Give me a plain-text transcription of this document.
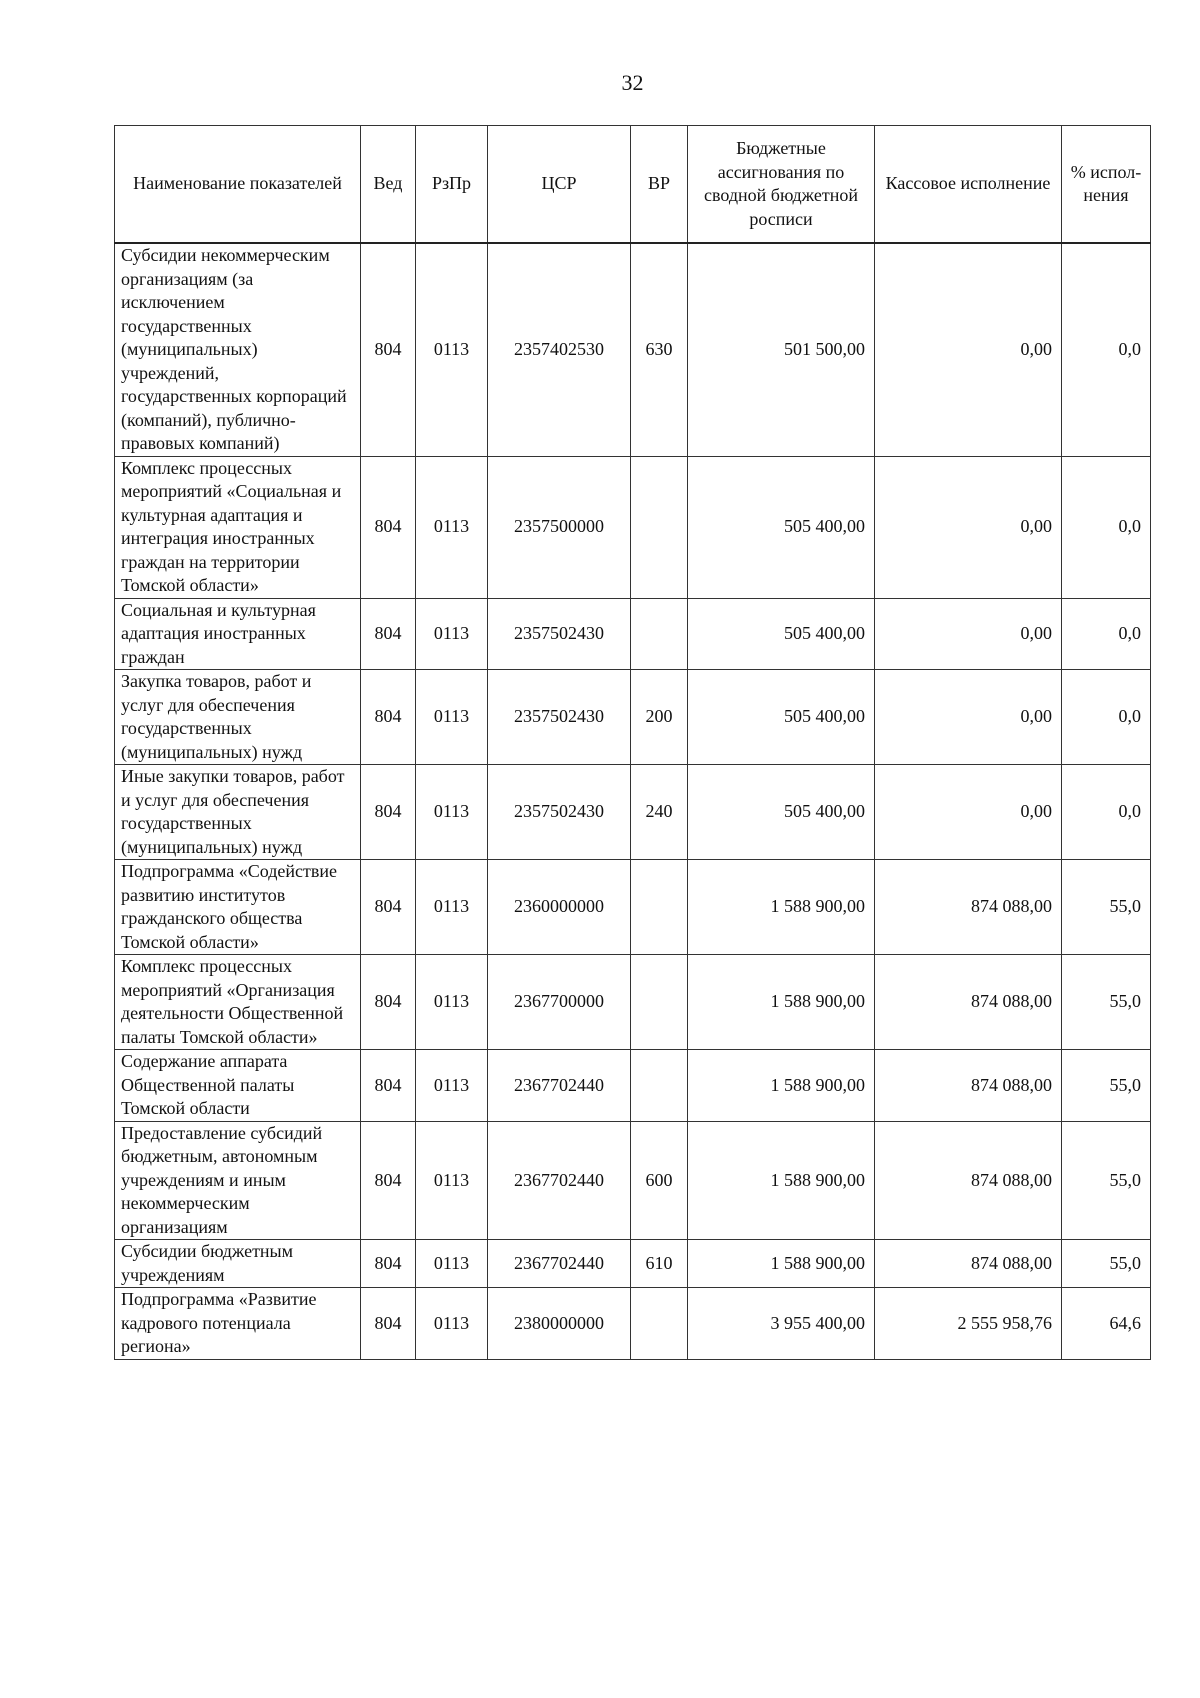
32
Наименование показателей	Вед	РзПр	ЦСР	ВР	Бюджетные ассигнования по сводной бюджетной росписи	Кассовое исполнение	% испол-нения
Субсидии некоммерческим организациям (за исключением государственных (муниципальных) учреждений, государственных корпораций (компаний), публично-правовых компаний)	804	0113	2357402530	630	501 500,00	0,00	0,0
Комплекс процессных мероприятий «Социальная и культурная адаптация и интеграция иностранных граждан на территории Томской области»	804	0113	2357500000		505 400,00	0,00	0,0
Социальная и культурная адаптация иностранных граждан	804	0113	2357502430		505 400,00	0,00	0,0
Закупка товаров, работ и услуг для обеспечения государственных (муниципальных) нужд	804	0113	2357502430	200	505 400,00	0,00	0,0
Иные закупки товаров, работ и услуг для обеспечения государственных (муниципальных) нужд	804	0113	2357502430	240	505 400,00	0,00	0,0
Подпрограмма «Содействие развитию институтов гражданского общества Томской области»	804	0113	2360000000		1 588 900,00	874 088,00	55,0
Комплекс процессных мероприятий «Организация деятельности Общественной палаты Томской области»	804	0113	2367700000		1 588 900,00	874 088,00	55,0
Содержание аппарата Общественной палаты Томской области	804	0113	2367702440		1 588 900,00	874 088,00	55,0
Предоставление субсидий бюджетным, автономным учреждениям и иным некоммерческим организациям	804	0113	2367702440	600	1 588 900,00	874 088,00	55,0
Субсидии бюджетным учреждениям	804	0113	2367702440	610	1 588 900,00	874 088,00	55,0
Подпрограмма «Развитие кадрового потенциала региона»	804	0113	2380000000		3 955 400,00	2 555 958,76	64,6
